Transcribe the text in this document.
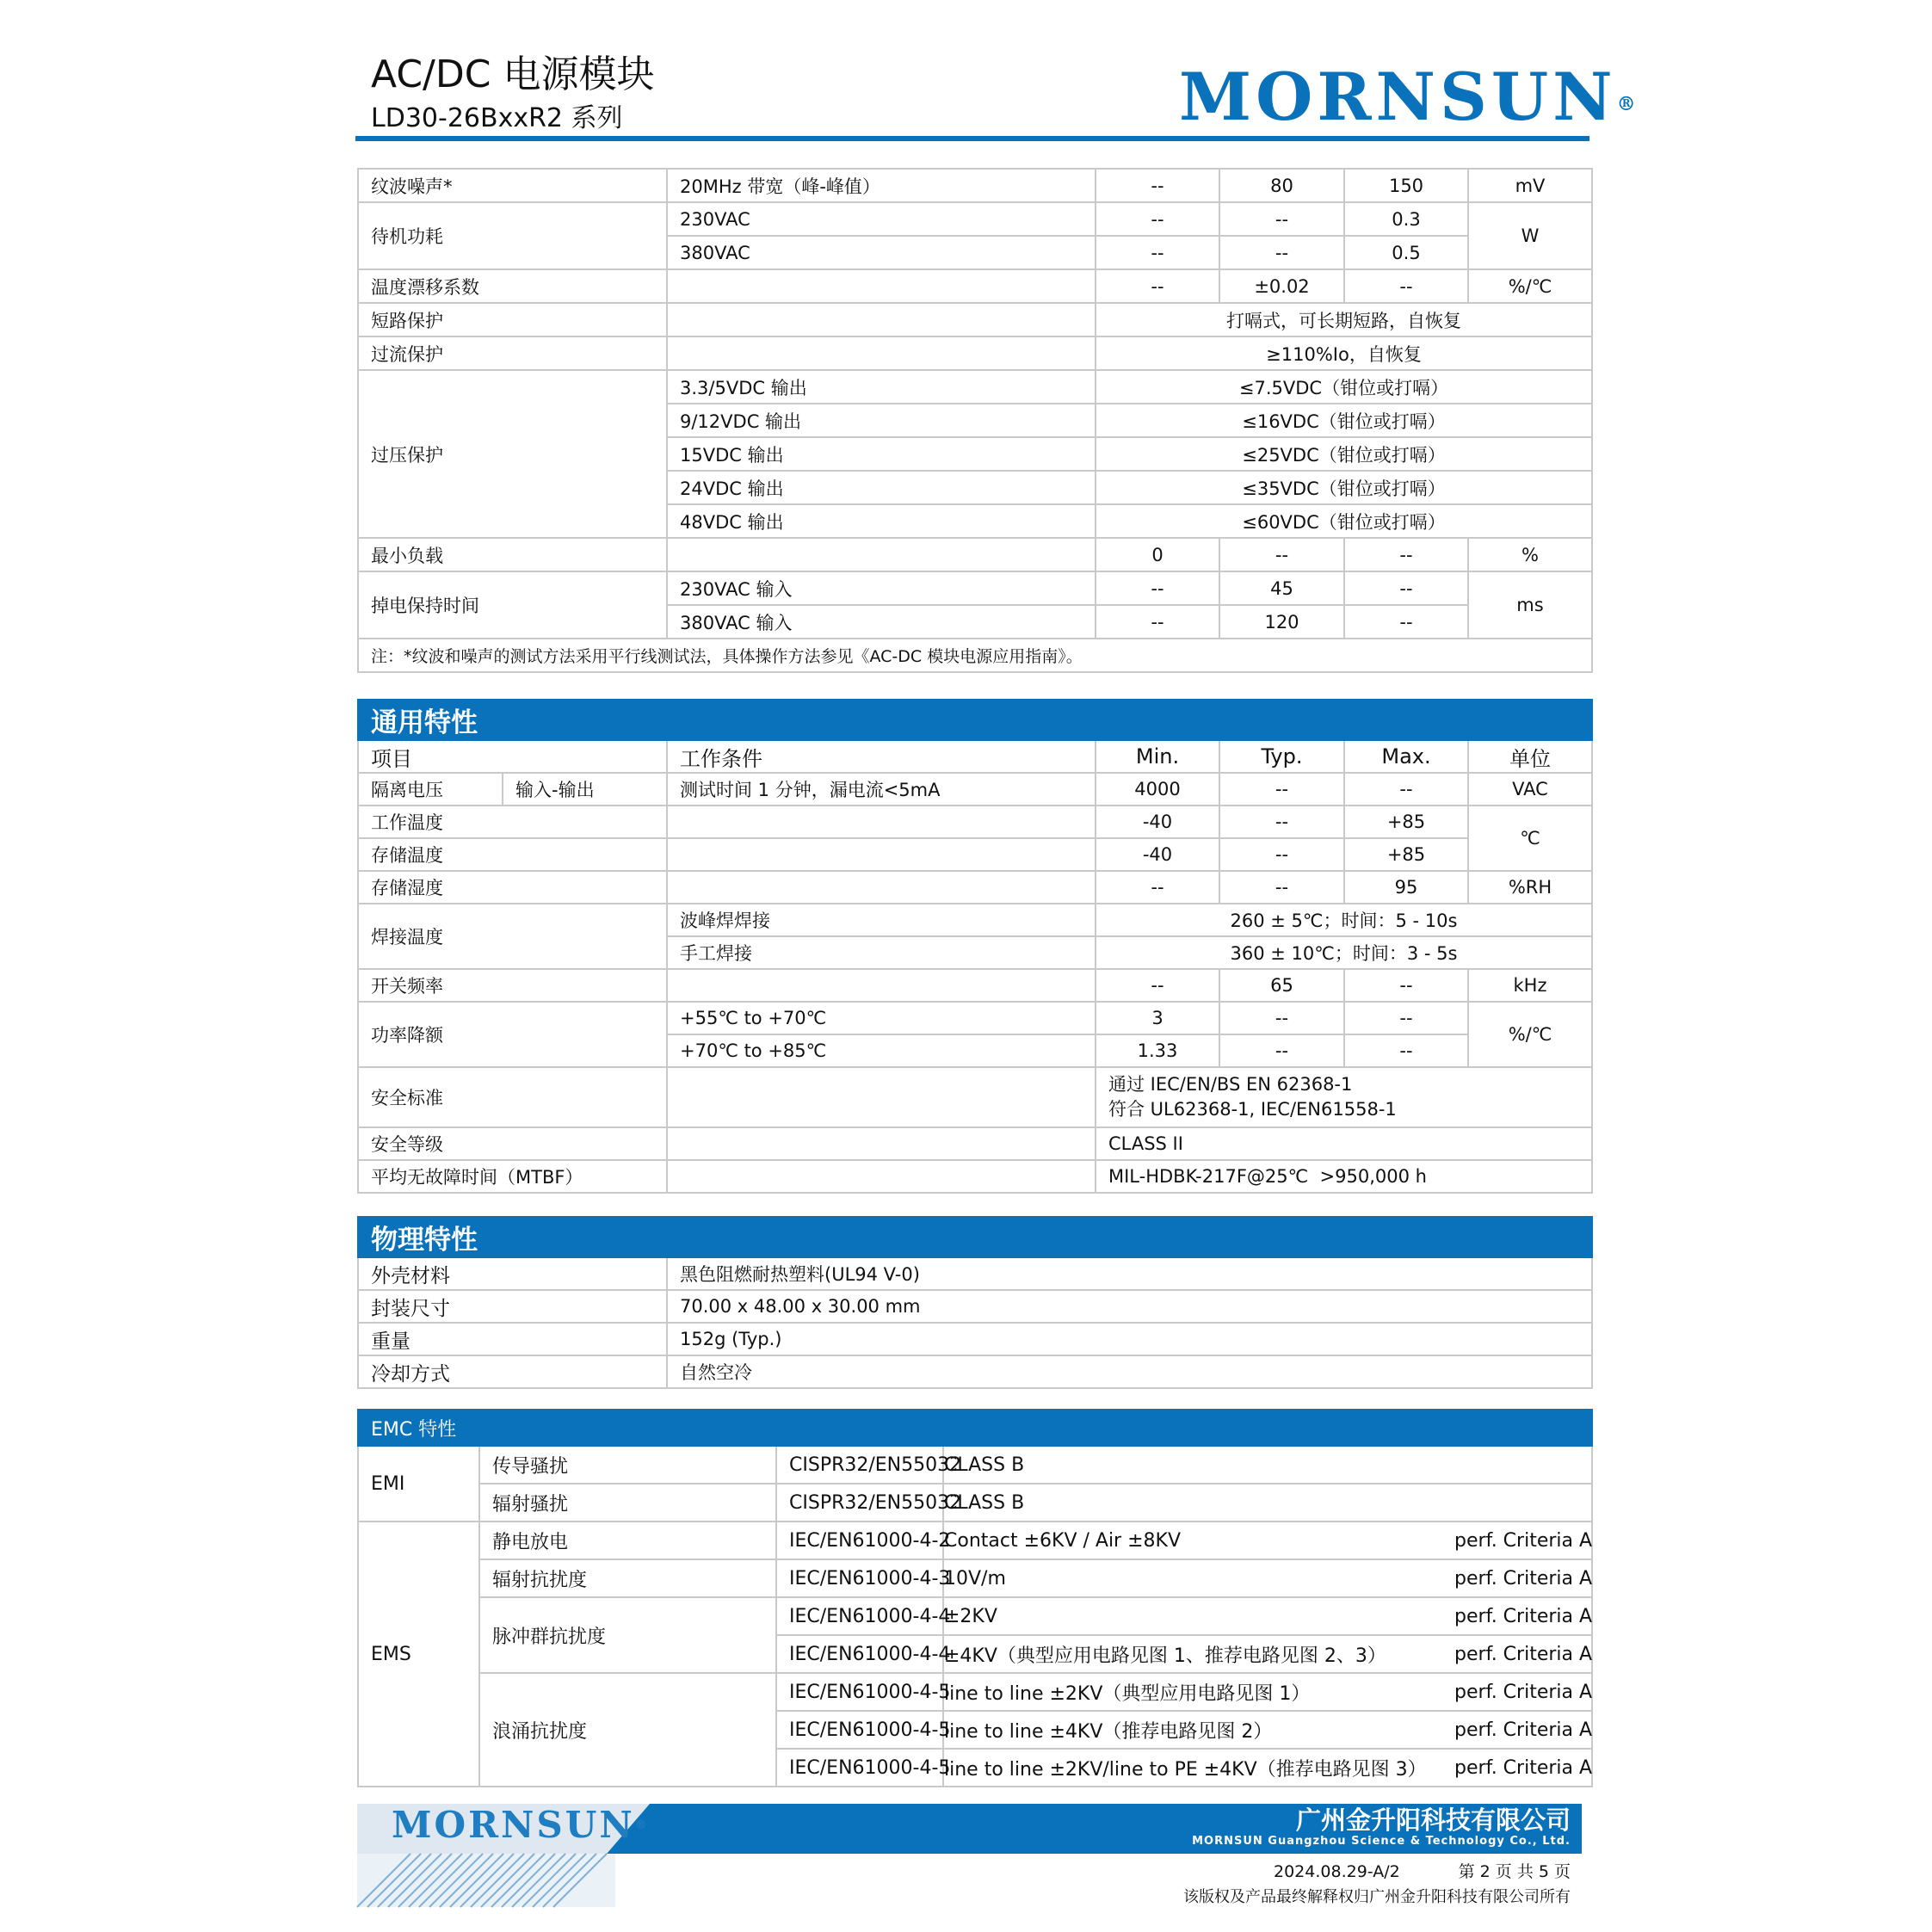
AC/DC 电源模块
LD30-26BxxR2 系列	MORNSUN®
纹波噪声*	20MHz 带宽（峰-峰值）	--	80	150	mV
待机功耗	230VAC	--	--	0.3	W
	380VAC	--	--	0.5	
温度漂移系数		--	±0.02	--	%/℃
短路保护		打嗝式，可长期短路，自恢复			
过流保护		≥110%Io，自恢复			
过压保护	3.3/5VDC 输出	≤7.5VDC（钳位或打嗝）			
	9/12VDC 输出	≤16VDC（钳位或打嗝）			
	15VDC 输出	≤25VDC（钳位或打嗝）			
	24VDC 输出	≤35VDC（钳位或打嗝）			
	48VDC 输出	≤60VDC（钳位或打嗝）			
最小负载		0	--	--	%
掉电保持时间	230VAC 输入	--	45	--	ms
	380VAC 输入	--	120	--	
注：*纹波和噪声的测试方法采用平行线测试法，具体操作方法参见《AC-DC 模块电源应用指南》。					
通用特性						
项目		工作条件	Min.	Typ.	Max.	单位
隔离电压	输入-输出	测试时间 1 分钟，漏电流<5mA	4000	--	--	VAC
工作温度			-40	--	+85	℃
存储温度			-40	--	+85	
存储湿度			--	--	95	%RH
焊接温度		波峰焊焊接	260 ± 5℃；时间：5 - 10s			
		手工焊接	360 ± 10℃；时间：3 - 5s			
开关频率			--	65	--	kHz
功率降额		+55℃ to +70℃	3	--	--	%/℃
		+70℃ to +85℃	1.33	--	--	
安全标准			通过 IEC/EN/BS EN 62368-1
符合 UL62368-1, IEC/EN61558-1			

安全等级			CLASS II			
平均无故障时间（MTBF）			MIL-HDBK-217F@25℃  >950,000 h			
物理特性	
外壳材料	黑色阻燃耐热塑料(UL94 V-0)
封装尺寸	70.00 x 48.00 x 30.00 mm
重量	152g (Typ.)
冷却方式	自然空冷
EMC 特性				
EMI	传导骚扰	CISPR32/EN55032	CLASS B	
	辐射骚扰	CISPR32/EN55032	CLASS B	
EMS	静电放电	IEC/EN61000-4-2	Contact ±6KV / Air ±8KV	perf. Criteria A
	辐射抗扰度	IEC/EN61000-4-3	10V/m	perf. Criteria A
	脉冲群抗扰度	IEC/EN61000-4-4	±2KV	perf. Criteria A
		IEC/EN61000-4-4	±4KV（典型应用电路见图 1、推荐电路见图 2、3）	perf. Criteria A
	浪涌抗扰度	IEC/EN61000-4-5	line to line ±2KV（典型应用电路见图 1）	perf. Criteria A
		IEC/EN61000-4-5	line to line ±4KV（推荐电路见图 2）	perf. Criteria A
		IEC/EN61000-4-5	line to line ±2KV/line to PE ±4KV（推荐电路见图 3）	perf. Criteria A
MORNSUN®	广州金升阳科技有限公司
MORNSUN Guangzhou Science & Technology Co., Ltd.
2024.08.29-A/2	第 2 页 共 5 页
该版权及产品最终解释权归广州金升阳科技有限公司所有
